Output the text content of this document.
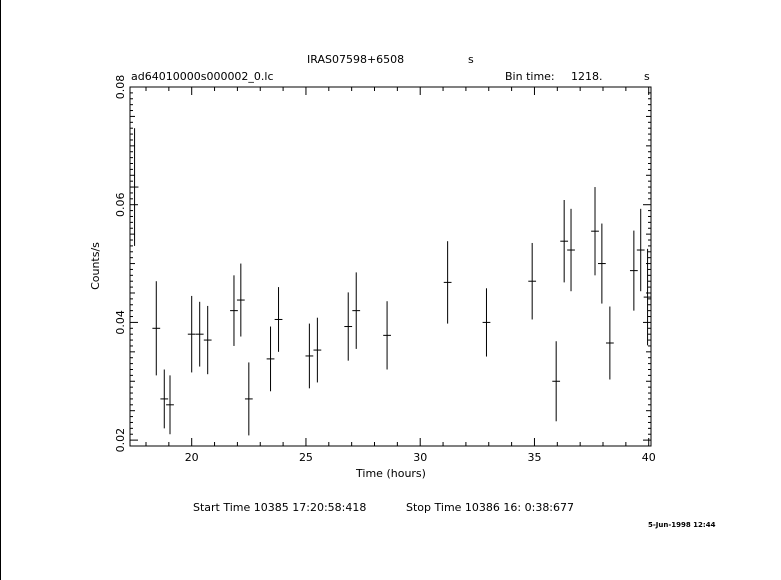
IRAS07598+6508	s
ad64010000s000002_0.lc	Bin time: 1218.	s
20	25	30	35	40
0.02
0.04
0.06
0.08
Time (hours)
Counts/s
Start Time 10385 17:20:58:418	Stop Time 10386 16: 0:38:677
5-Jun-1998 12:44
